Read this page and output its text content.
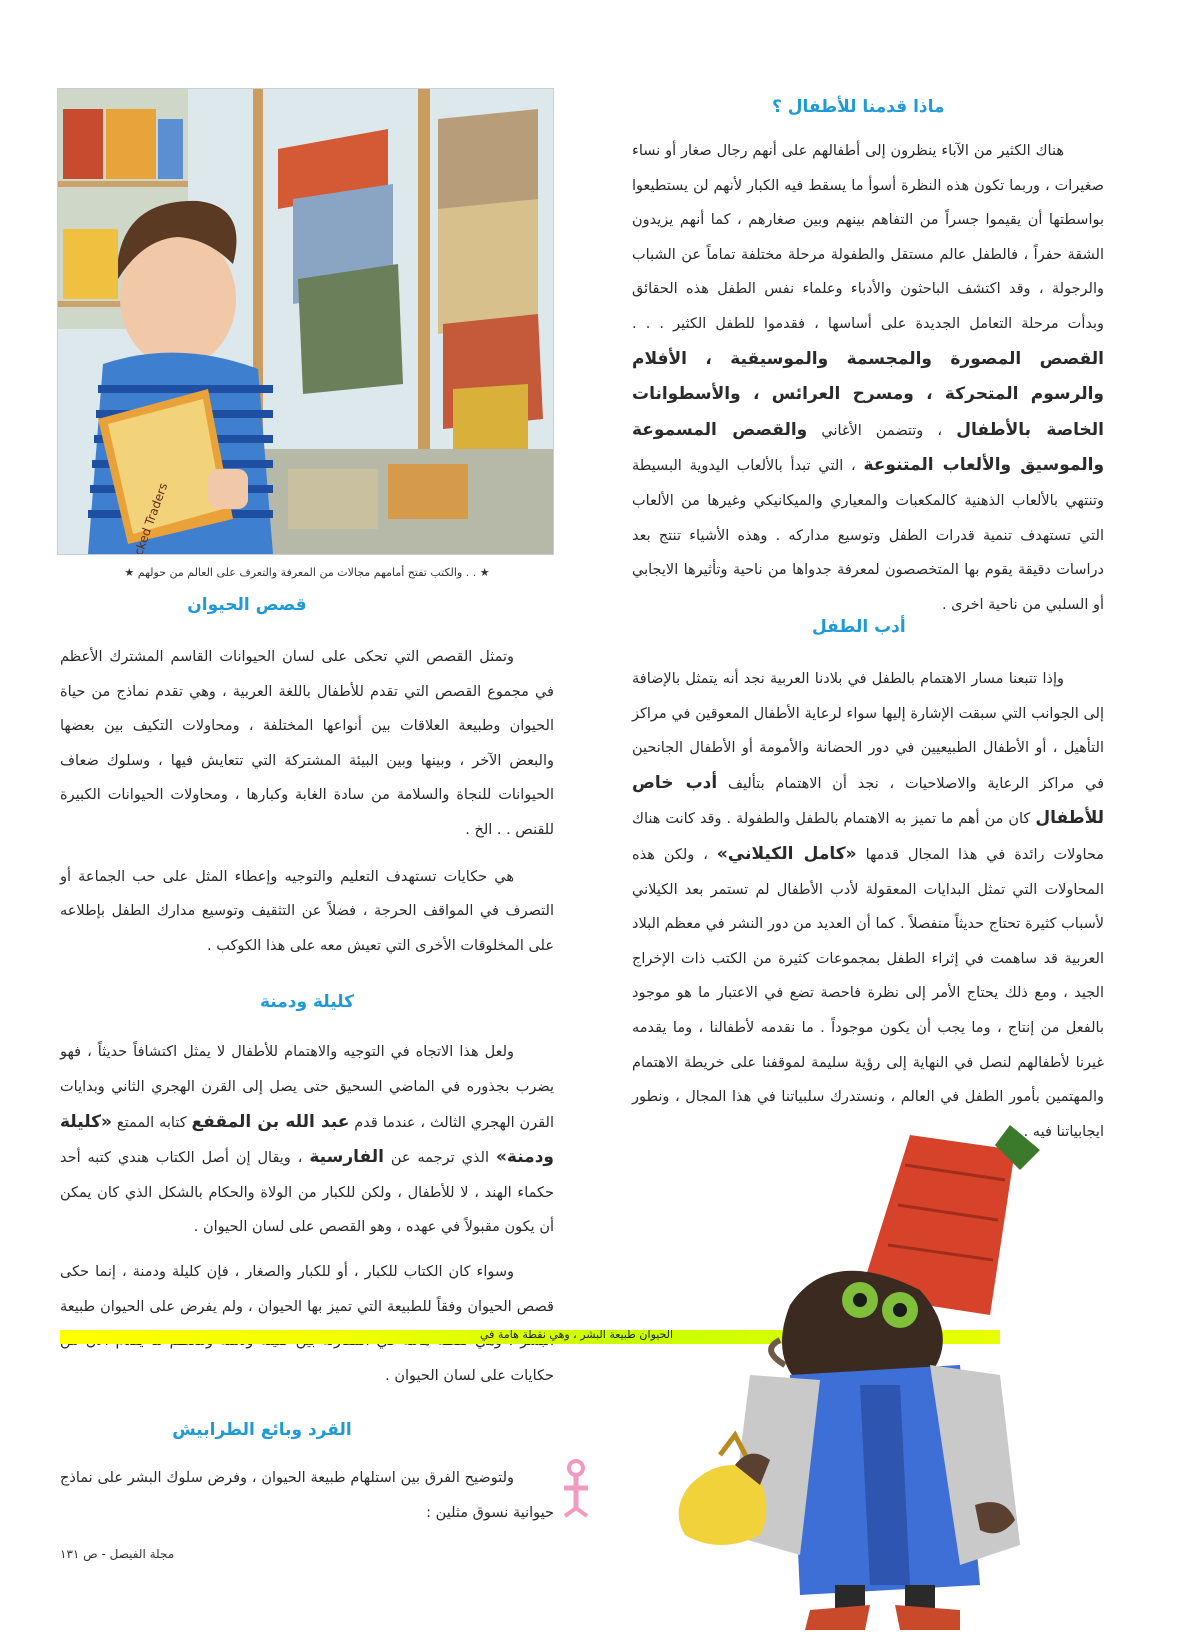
ماذا قدمنا للأطفال ؟

هناك الكثير من الآباء ينظرون إلى أطفالهم على أنهم رجال صغار أو نساء صغيرات ، وربما تكون هذه النظرة أسوأ ما يسقط فيه الكبار لأنهم لن يستطيعوا بواسطتها أن يقيموا جسراً من التفاهم بينهم وبين صغارهم ، كما أنهم يزيدون الشقة حفراً ، فالطفل عالم مستقل والطفولة مرحلة مختلفة تماماً عن الشباب والرجولة ، وقد اكتشف الباحثون والأدباء وعلماء نفس الطفل هذه الحقائق وبدأت مرحلة التعامل الجديدة على أساسها ، فقدموا للطفل الكثير . . . القصص المصورة والمجسمة والموسيقية ، الأفلام والرسوم المتحركة ، ومسرح العرائس ، والأسطوانات الخاصة بالأطفال ، وتتضمن الأغاني والقصص المسموعة والموسيق والألعاب المتنوعة ، التي تبدأ بالألعاب اليدوية البسيطة وتنتهي بالألعاب الذهنية كالمكعبات والمعياري والميكانيكي وغيرها من الألعاب التي تستهدف تنمية قدرات الطفل وتوسيع مداركه . وهذه الأشياء تنتج بعد دراسات دقيقة يقوم بها المتخصصون لمعرفة جدواها من ناحية وتأثيرها الايجابي أو السلبي من ناحية اخرى .

أدب الطفل

وإذا تتبعنا مسار الاهتمام بالطفل في بلادنا العربية نجد أنه يتمثل بالإضافة إلى الجوانب التي سبقت الإشارة إليها سواء لرعاية الأطفال المعوقين في مراكز التأهيل ، أو الأطفال الطبيعيين في دور الحضانة والأمومة أو الأطفال الجانحين في مراكز الرعاية والاصلاحيات ، نجد أن الاهتمام بتأليف أدب خاص للأطفال كان من أهم ما تميز به الاهتمام بالطفل والطفولة . وقد كانت هناك محاولات رائدة في هذا المجال قدمها «كامل الكيلاني» ، ولكن هذه المحاولات التي تمثل البدايات المعقولة لأدب الأطفال لم تستمر بعد الكيلاني لأسباب كثيرة تحتاج حديثاً منفصلاً . كما أن العديد من دور النشر في معظم البلاد العربية قد ساهمت في إثراء الطفل بمجموعات كثيرة من الكتب ذات الإخراج الجيد ، ومع ذلك يحتاج الأمر إلى نظرة فاحصة تضع في الاعتبار ما هو موجود بالفعل من إنتاج ، وما يجب أن يكون موجوداً . ما نقدمه لأطفالنا ، وما يقدمه غيرنا لأطفالهم لنصل في النهاية إلى رؤية سليمة لموقفنا على خريطة الاهتمام والمهتمين بأمور الطفل في العالم ، ونستدرك سلبياتنا في هذا المجال ، ونطور ايجابياتنا فيه .

★ . . والكتب تفتح أمامهم مجالات من المعرفة والتعرف على العالم من حولهم ★
قصص الحيوان

وتمثل القصص التي تحكى على لسان الحيوانات القاسم المشترك الأعظم في مجموع القصص التي تقدم للأطفال باللغة العربية ، وهي تقدم نماذج من حياة الحيوان وطبيعة العلاقات بين أنواعها المختلفة ، ومحاولات التكيف بين بعضها والبعض الآخر ، وبينها وبين البيئة المشتركة التي تتعايش فيها ، وسلوك ضعاف الحيوانات للنجاة والسلامة من سادة الغابة وكبارها ، ومحاولات الحيوانات الكبيرة للقنص . . الخ .

هي حكايات تستهدف التعليم والتوجيه وإعطاء المثل على حب الجماعة أو التصرف في المواقف الحرجة ، فضلاً عن التثقيف وتوسيع مدارك الطفل بإطلاعه على المخلوقات الأخرى التي تعيش معه على هذا الكوكب .

كليلة ودمنة

ولعل هذا الاتجاه في التوجيه والاهتمام للأطفال لا يمثل اكتشافاً حديثاً ، فهو يضرب بجذوره في الماضي السحيق حتى يصل إلى القرن الهجري الثاني وبدايات القرن الهجري الثالث ، عندما قدم عبد الله بن المقفع كتابه الممتع «كليلة ودمنة» الذي ترجمه عن الفارسية ، ويقال إن أصل الكتاب هندي كتبه أحد حكماء الهند ، لا للأطفال ، ولكن للكبار من الولاة والحكام بالشكل الذي كان يمكن أن يكون مقبولاً في عهده ، وهو القصص على لسان الحيوان .

وسواء كان الكتاب للكبار ، أو للكبار والصغار ، فإن كليلة ودمنة ، إنما حكى قصص الحيوان وفقاً للطبيعة التي تميز بها الحيوان ، ولم يفرض على الحيوان طبيعة حكايات على لسان الحيوان .

القرد وبائع الطرابيش

ولتوضيح الفرق بين استلهام طبيعة الحيوان ، وفرض سلوك البشر على نماذج حيوانية نسوق مثلين :

الحيوان طبيعة البشر ، وهي نقطة هامة في
مجلة الفيصل - ص ١٣١
